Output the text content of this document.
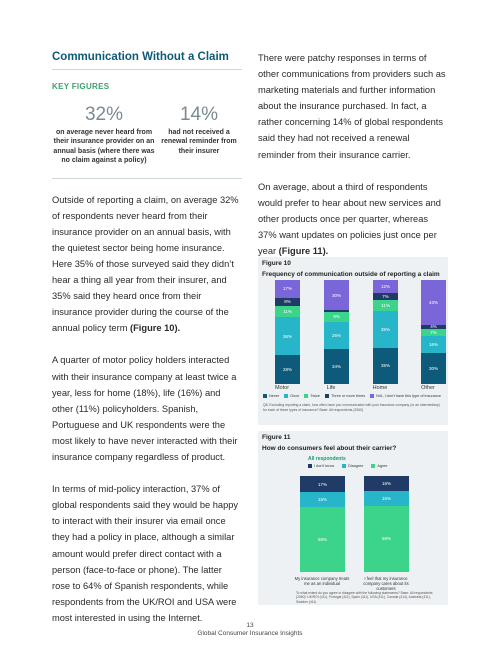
Communication Without a Claim
KEY FIGURES
32%
on average never heard from their insurance provider on an annual basis (where there was no claim against a policy)
14%
had not received a renewal reminder from their insurer

Outside of reporting a claim, on average 32% of respondents never heard from their insurance provider on an annual basis, with the quietest sector being home insurance. Here 35% of those surveyed said they didn’t hear a thing all year from their insurer, and 35% said they heard once from their insurance provider during the course of the annual policy term (Figure 10).

A quarter of motor policy holders interacted with their insurance company at least twice a year, less for home (18%), life (16%) and other (11%) policyholders. Spanish, Portuguese and UK respondents were the most likely to have never interacted with their insurance company regardless of product.

In terms of mid-policy interaction, 37% of global respondents said they would be happy to interact with their insurer via email once they had a policy in place, although a similar amount would prefer direct contact with a person (face-to-face or phone). The latter rose to 64% of Spanish respondents, while respondents from the UK/ROI and USA were most interested in using the Internet.

There were patchy responses in terms of other communications from providers such as marketing materials and further information about the insurance purchased. In fact, a rather concerning 14% of global respondents said they had not received a renewal reminder from their insurance carrier.

On average, about a third of respondents would prefer to hear about new services and other products once per quarter, whereas 37% want updates on policies just once per year (Figure 11).

Figure 10
Frequency of communication outside of reporting a claim
28%
36%
11%
8%
17%
34%
26%
9%
30%
35%
35%
11%
7%
12%
30%
16%
7%
4%
43%
Motor	Life	Home	Other
Never	Once	Twice	Three or more times	N/A, I don't have this type of insurance
Q8: Excluding reporting a claim, how often have you communicated with your insurance company (or an intermediary) for each of these types of insurance? Base: All respondents (2060)
Figure 11
How do consumers feel about their carrier?
All respondents
I don't know	Disagree	Agree
68%
15%
17%
69%
15%
16%
My insurance company treats me as an individual
I feel that my insurance company cares about its customers
To what extent do you agree or disagree with the following statements? Base: All respondents (2060): UK/ROI (411), Portugal (411), Spain (411), USA (411), Canada (414), Australia (411), Sweden (411)
13
Global Consumer Insurance Insights
